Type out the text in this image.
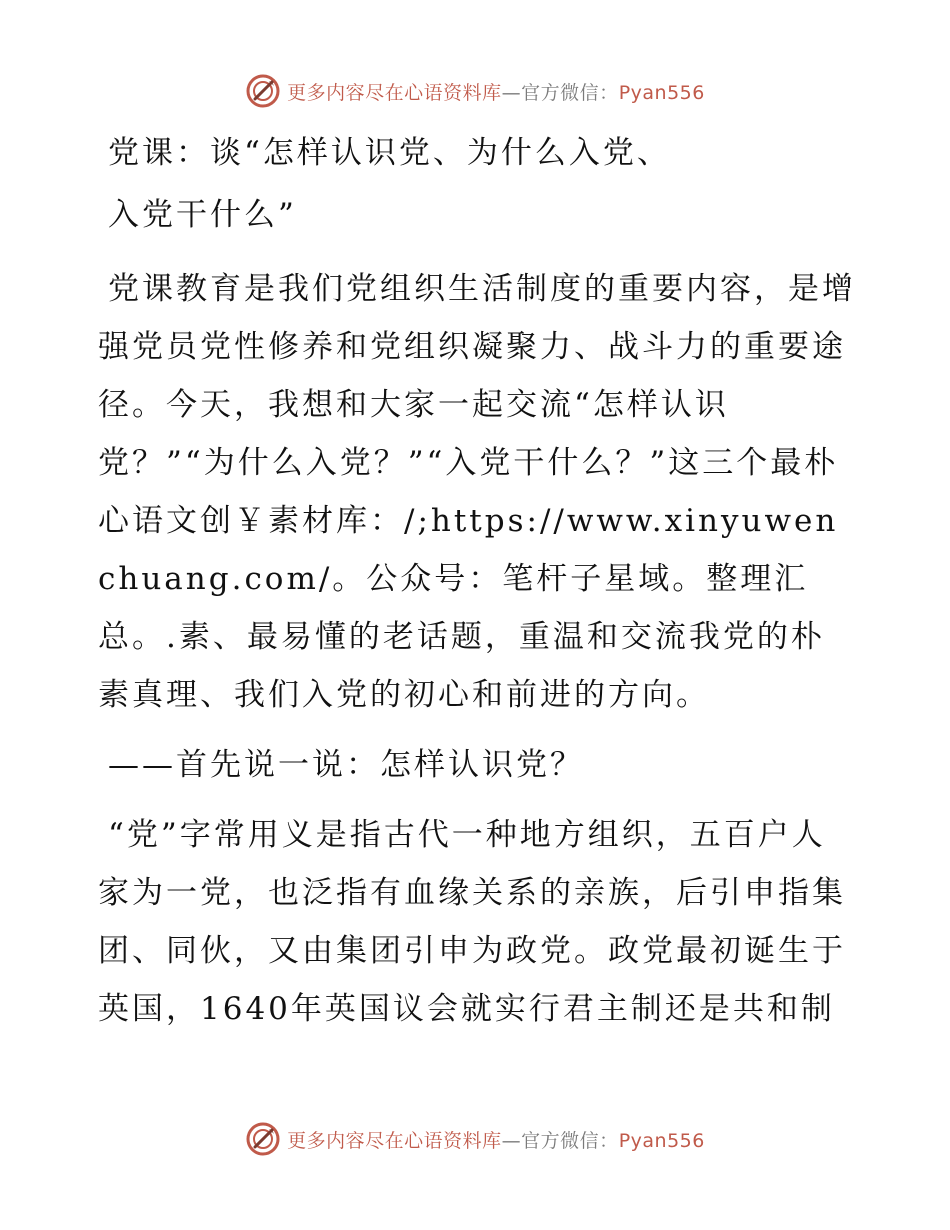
更多内容尽在心语资料库—官方微信：Pyan556
党课：谈“怎样认识党、为什么入党、
入党干什么”

党课教育是我们党组织生活制度的重要内容，是增强党员党性修养和党组织凝聚力、战斗力的重要途径。今天，我想和大家一起交流“怎样认识党？”“为什么入党？”“入党干什么？”这三个最朴心语文创￥素材库：/;https://www.xinyuwenchuang.com/。公众号：笔杆子星域。整理汇总。.素、最易懂的老话题，重温和交流我党的朴素真理、我们入党的初心和前进的方向。

——首先说一说：怎样认识党？

“党”字常用义是指古代一种地方组织，五百户人家为一党，也泛指有血缘关系的亲族，后引申指集团、同伙，又由集团引申为政党。政党最初诞生于英国，1640年英国议会就实行君主制还是共和制

更多内容尽在心语资料库—官方微信：Pyan556
